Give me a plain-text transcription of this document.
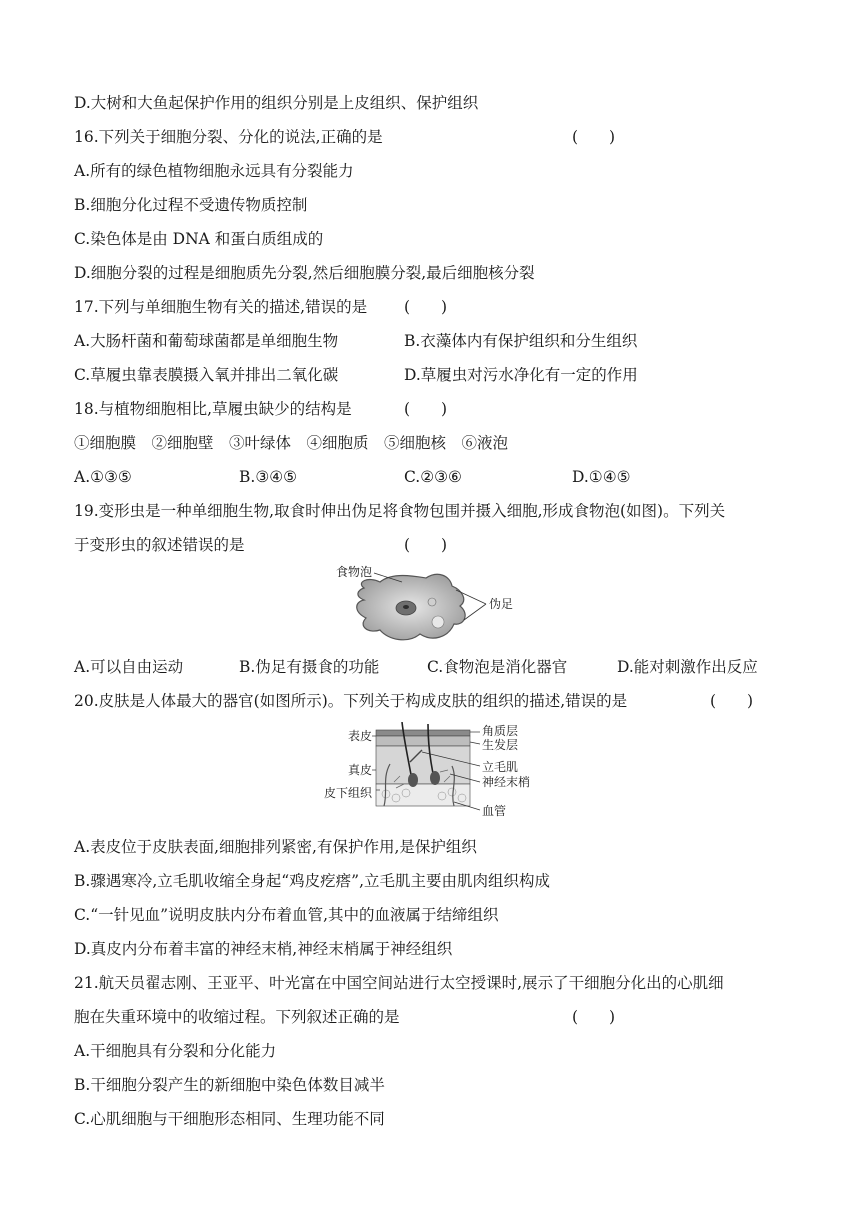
D.大树和大鱼起保护作用的组织分别是上皮组织、保护组织
16.下列关于细胞分裂、分化的说法,正确的是	(　　)
A.所有的绿色植物细胞永远具有分裂能力
B.细胞分化过程不受遗传物质控制
C.染色体是由 DNA 和蛋白质组成的
D.细胞分裂的过程是细胞质先分裂,然后细胞膜分裂,最后细胞核分裂
17.下列与单细胞生物有关的描述,错误的是 (　　)
A.大肠杆菌和葡萄球菌都是单细胞生物	B.衣藻体内有保护组织和分生组织
C.草履虫靠表膜摄入氧并排出二氧化碳	D.草履虫对污水净化有一定的作用
18.与植物细胞相比,草履虫缺少的结构是	(　　)
①细胞膜　②细胞壁　③叶绿体　④细胞质　⑤细胞核　⑥液泡
A.①③⑤	B.③④⑤	C.②③⑥	D.①④⑤
19.变形虫是一种单细胞生物,取食时伸出伪足将食物包围并摄入细胞,形成食物泡(如图)。下列关
于变形虫的叙述错误的是	(　　)
食物泡
伪足
A.可以自由运动	B.伪足有摄食的功能	C.食物泡是消化器官	D.能对刺激作出反应
20.皮肤是人体最大的器官(如图所示)。下列关于构成皮肤的组织的描述,错误的是	(　　)
表皮
真皮
皮下组织
角质层
生发层
立毛肌
神经末梢
血管
A.表皮位于皮肤表面,细胞排列紧密,有保护作用,是保护组织
B.骤遇寒冷,立毛肌收缩全身起“鸡皮疙瘩”,立毛肌主要由肌肉组织构成
C.“一针见血”说明皮肤内分布着血管,其中的血液属于结缔组织
D.真皮内分布着丰富的神经末梢,神经末梢属于神经组织
21.航天员翟志刚、王亚平、叶光富在中国空间站进行太空授课时,展示了干细胞分化出的心肌细
胞在失重环境中的收缩过程。下列叙述正确的是	(　　)
A.干细胞具有分裂和分化能力
B.干细胞分裂产生的新细胞中染色体数目减半
C.心肌细胞与干细胞形态相同、生理功能不同
